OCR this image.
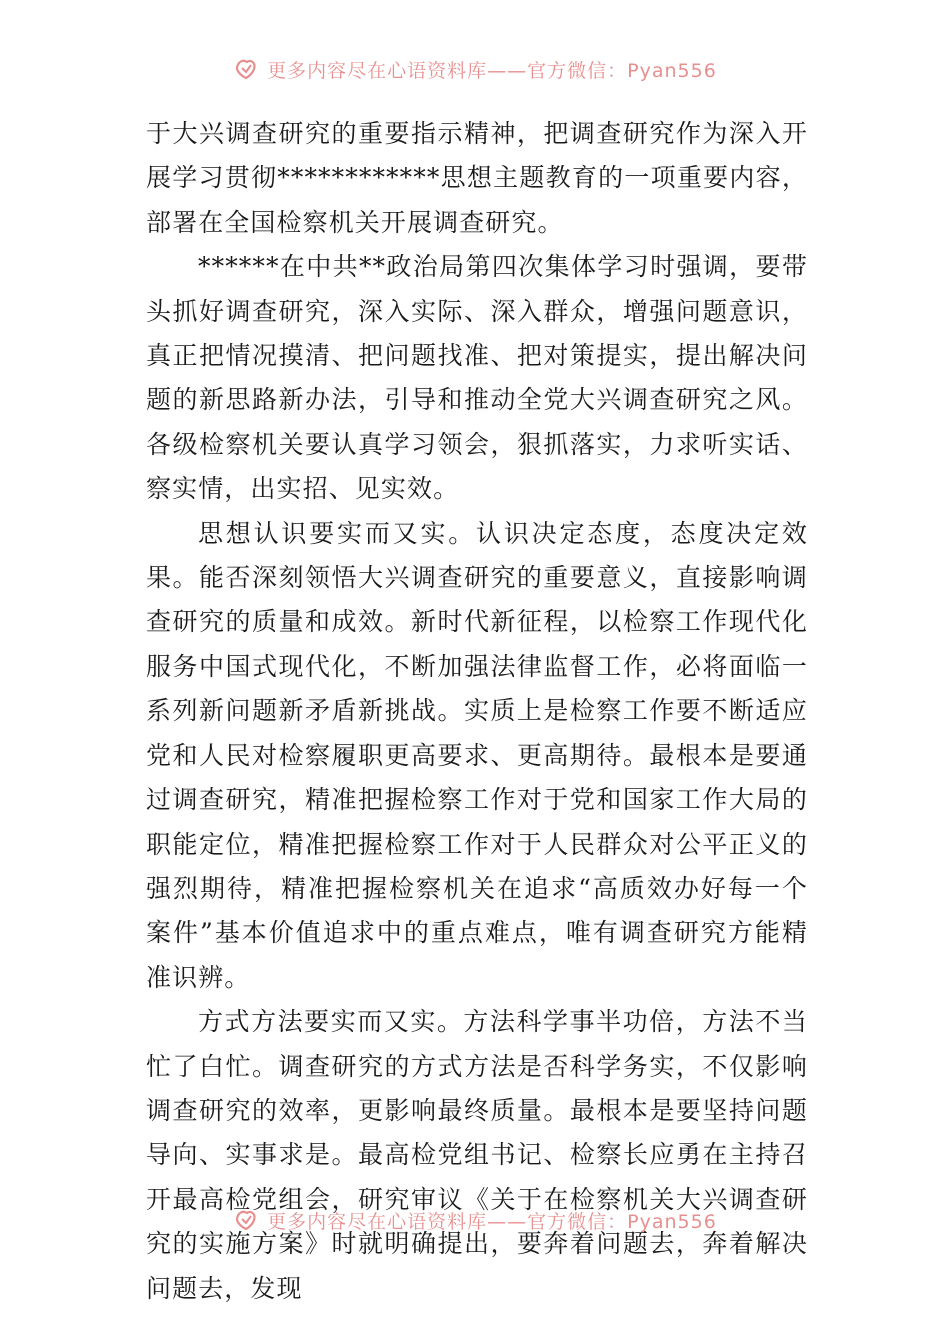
更多内容尽在心语资料库——官方微信：Pyan556

于大兴调查研究的重要指示精神，把调查研究作为深入开展学习贯彻************思想主题教育的一项重要内容，部署在全国检察机关开展调查研究。

******在中共**政治局第四次集体学习时强调，要带头抓好调查研究，深入实际、深入群众，增强问题意识，真正把情况摸清、把问题找准、把对策提实，提出解决问题的新思路新办法，引导和推动全党大兴调查研究之风。各级检察机关要认真学习领会，狠抓落实，力求听实话、察实情，出实招、见实效。

思想认识要实而又实。认识决定态度，态度决定效果。能否深刻领悟大兴调查研究的重要意义，直接影响调查研究的质量和成效。新时代新征程，以检察工作现代化服务中国式现代化，不断加强法律监督工作，必将面临一系列新问题新矛盾新挑战。实质上是检察工作要不断适应党和人民对检察履职更高要求、更高期待。最根本是要通过调查研究，精准把握检察工作对于党和国家工作大局的职能定位，精准把握检察工作对于人民群众对公平正义的强烈期待，精准把握检察机关在追求“高质效办好每一个案件”基本价值追求中的重点难点，唯有调查研究方能精准识辨。

方式方法要实而又实。方法科学事半功倍，方法不当忙了白忙。调查研究的方式方法是否科学务实，不仅影响调查研究的效率，更影响最终质量。最根本是要坚持问题导向、实事求是。最高检党组书记、检察长应勇在主持召开最高检党组会，研究审议《关于在检察机关大兴调查研究的实施方案》时就明确提出，要奔着问题去，奔着解决问题去，发现

更多内容尽在心语资料库——官方微信：Pyan556
